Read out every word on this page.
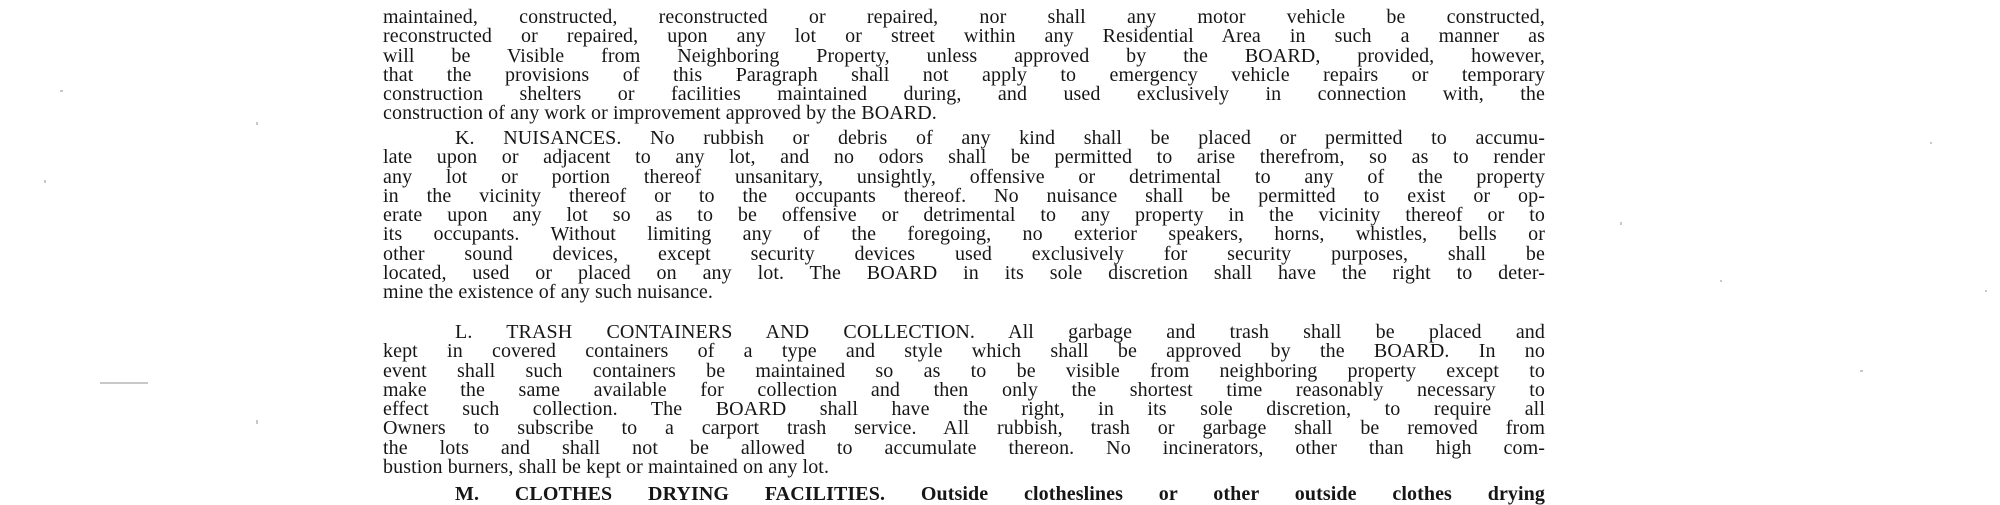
maintained, constructed, reconstructed or repaired, nor shall any motor vehicle be constructed,
reconstructed or repaired, upon any lot or street within any Residential Area in such a manner as
will be Visible from Neighboring Property, unless approved by the BOARD, provided, however,
that the provisions of this Paragraph shall not apply to emergency vehicle repairs or temporary
construction shelters or facilities maintained during, and used exclusively in connection with, the
construction of any work or improvement approved by the BOARD.
K. NUISANCES. No rubbish or debris of any kind shall be placed or permitted to accumu-
late upon or adjacent to any lot, and no odors shall be permitted to arise therefrom, so as to render
any lot or portion thereof unsanitary, unsightly, offensive or detrimental to any of the property
in the vicinity thereof or to the occupants thereof. No nuisance shall be permitted to exist or op-
erate upon any lot so as to be offensive or detrimental to any property in the vicinity thereof or to
its occupants. Without limiting any of the foregoing, no exterior speakers, horns, whistles, bells or
other sound devices, except security devices used exclusively for security purposes, shall be
located, used or placed on any lot. The BOARD in its sole discretion shall have the right to deter-
mine the existence of any such nuisance.
L. TRASH CONTAINERS AND COLLECTION. All garbage and trash shall be placed and
kept in covered containers of a type and style which shall be approved by the BOARD. In no
event shall such containers be maintained so as to be visible from neighboring property except to
make the same available for collection and then only the shortest time reasonably necessary to
effect such collection. The BOARD shall have the right, in its sole discretion, to require all
Owners to subscribe to a carport trash service. All rubbish, trash or garbage shall be removed from
the lots and shall not be allowed to accumulate thereon. No incinerators, other than high com-
bustion burners, shall be kept or maintained on any lot.
M. CLOTHES DRYING FACILITIES. Outside clotheslines or other outside clothes drying
